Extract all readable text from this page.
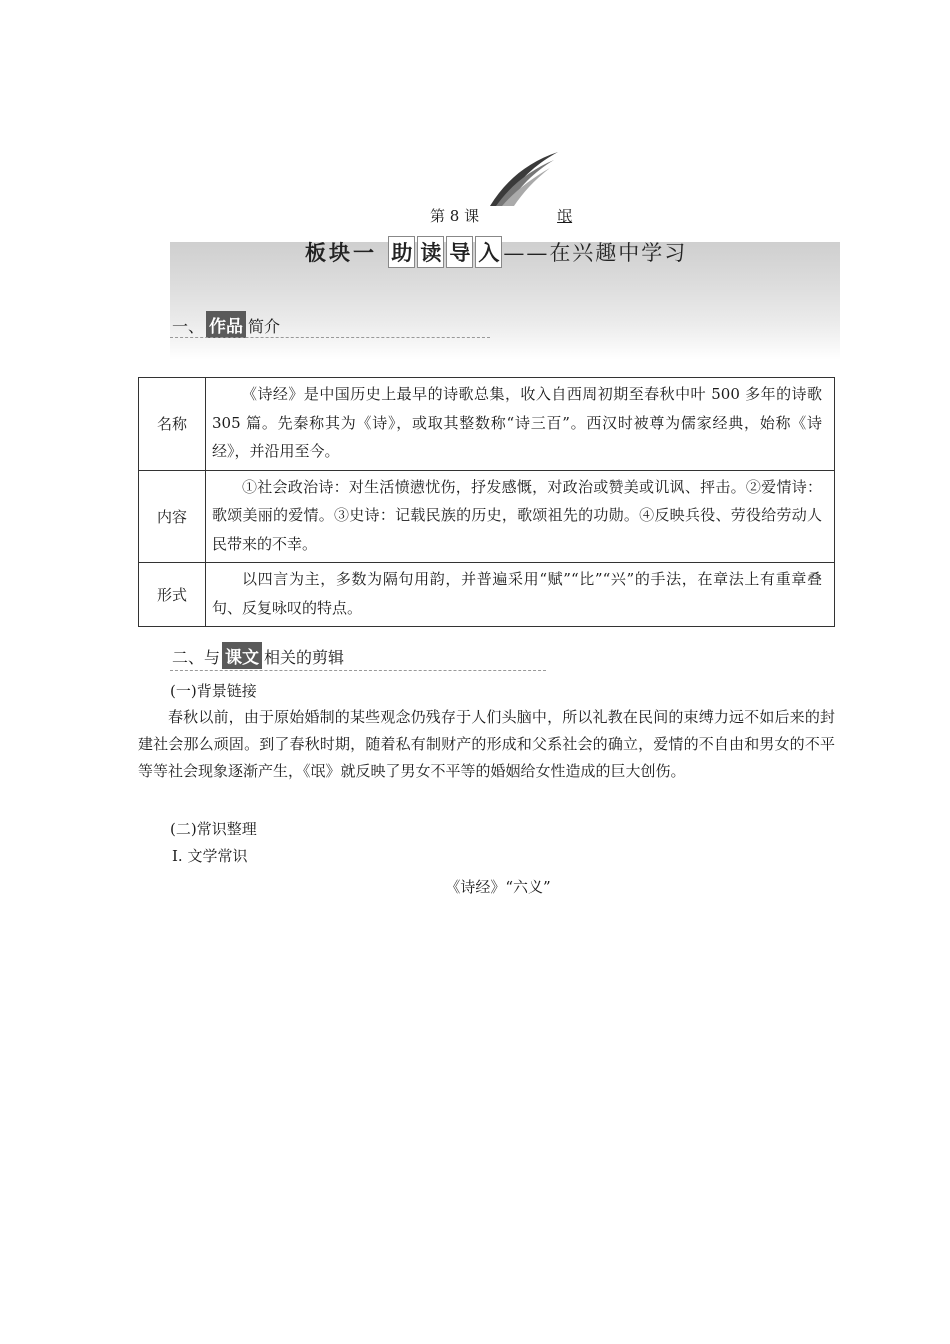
第 8 课	氓
板块一 助 读 导 入 ——在兴趣中学习
一、 作品 简介
名称	《诗经》是中国历史上最早的诗歌总集，收入自西周初期至春秋中叶 500 多年的诗歌 305 篇。先秦称其为《诗》，或取其整数称“诗三百”。西汉时被尊为儒家经典，始称《诗经》，并沿用至今。
内容	①社会政治诗：对生活愤懑忧伤，抒发感慨，对政治或赞美或讥讽、抨击。②爱情诗：歌颂美丽的爱情。③史诗：记载民族的历史，歌颂祖先的功勋。④反映兵役、劳役给劳动人民带来的不幸。
形式	以四言为主，多数为隔句用韵，并普遍采用“赋”“比”“兴”的手法，在章法上有重章叠句、反复咏叹的特点。
二、与 课文 相关的剪辑
(一)背景链接
春秋以前，由于原始婚制的某些观念仍残存于人们头脑中，所以礼教在民间的束缚力远不如后来的封建社会那么顽固。到了春秋时期，随着私有制财产的形成和父系社会的确立，爱情的不自由和男女的不平等等社会现象逐渐产生，《氓》就反映了男女不平等的婚姻给女性造成的巨大创伤。
(二)常识整理
Ⅰ. 文学常识
《诗经》“六义”
